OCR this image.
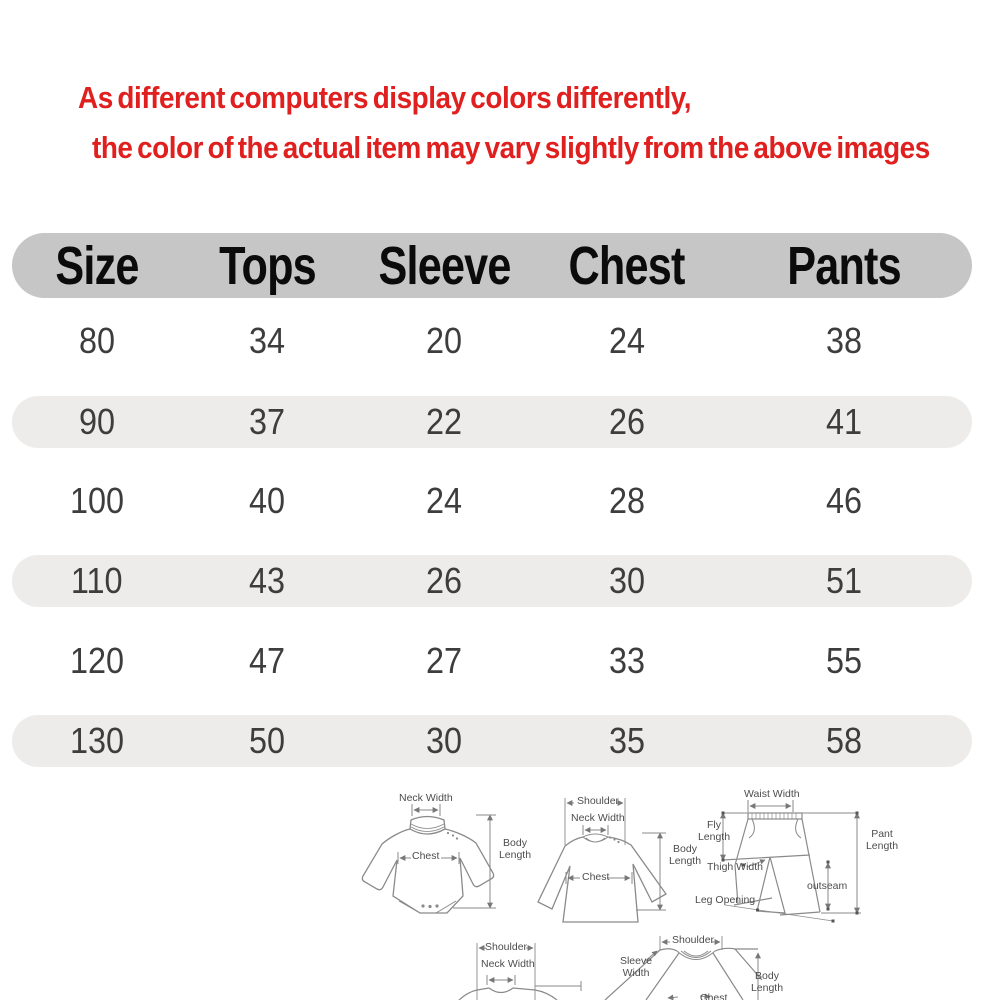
As different computers display colors differently,
the color of the actual item may vary slightly from the above images
Size	Tops	Sleeve	Chest	Pants
80	34	20	24	38
90	37	22	26	41
100	40	24	28	46
110	43	26	30	51
120	47	27	33	55
130	50	30	35	58
Neck Width
Chest
Body Length
Shoulder
Neck Width
Chest
Body Length
Waist Width
Fly Length	Pant Length
Thigh Width
outseam
Leg Opening
Shoulder
Neck Width
Shoulder
Sleeve Width	Body Length
Chest
